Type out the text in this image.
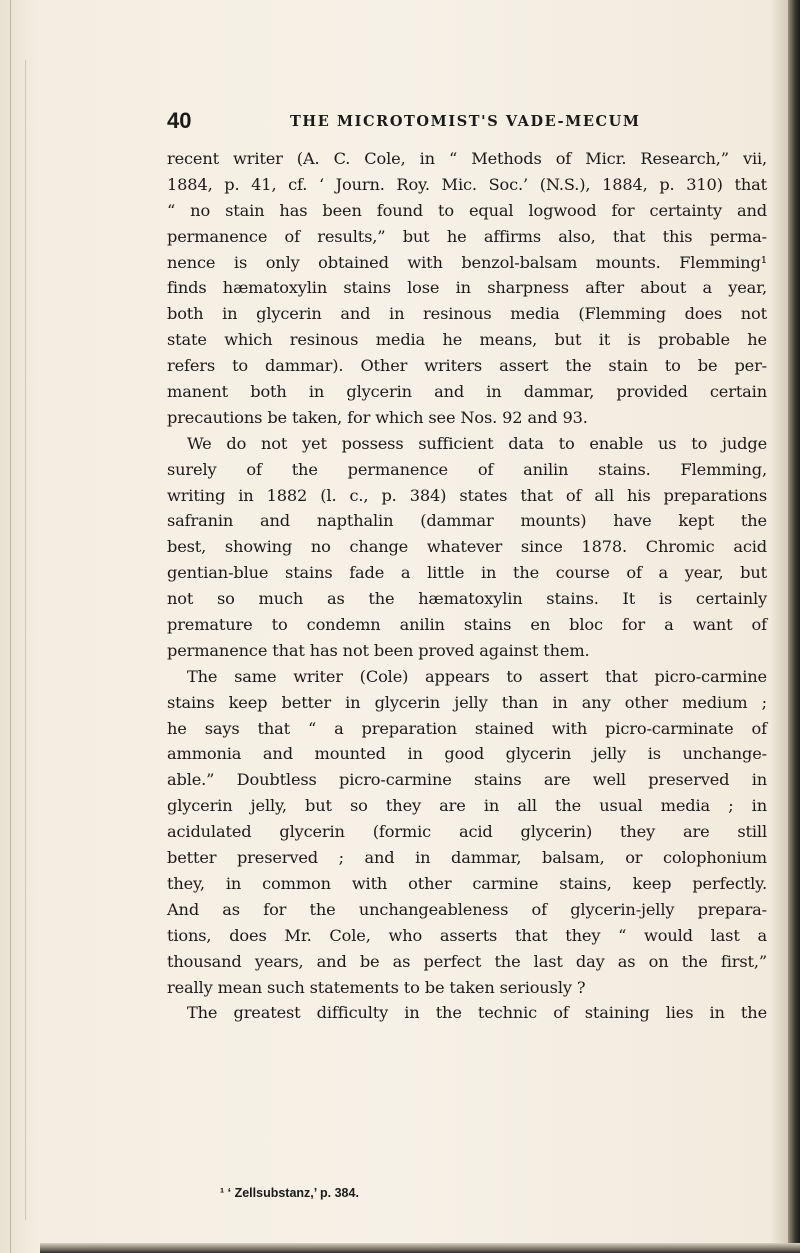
40	THE MICROTOMIST'S VADE-MECUM
recent writer (A. C. Cole, in “ Methods of Micr. Research,” vii,
1884, p. 41, cf. ‘ Journ. Roy. Mic. Soc.’ (N.S.), 1884, p. 310) that
“ no stain has been found to equal logwood for certainty and
permanence of results,” but he affirms also, that this perma-
nence is only obtained with benzol-balsam mounts. Flemming¹
finds hæmatoxylin stains lose in sharpness after about a year,
both in glycerin and in resinous media (Flemming does not
state which resinous media he means, but it is probable he
refers to dammar). Other writers assert the stain to be per-
manent both in glycerin and in dammar, provided certain
precautions be taken, for which see Nos. 92 and 93.
We do not yet possess sufficient data to enable us to judge
surely of the permanence of anilin stains. Flemming,
writing in 1882 (l. c., p. 384) states that of all his preparations
safranin and napthalin (dammar mounts) have kept the
best, showing no change whatever since 1878. Chromic acid
gentian-blue stains fade a little in the course of a year, but
not so much as the hæmatoxylin stains. It is certainly
premature to condemn anilin stains en bloc for a want of
permanence that has not been proved against them.
The same writer (Cole) appears to assert that picro-carmine
stains keep better in glycerin jelly than in any other medium ;
he says that “ a preparation stained with picro-carminate of
ammonia and mounted in good glycerin jelly is unchange-
able.” Doubtless picro-carmine stains are well preserved in
glycerin jelly, but so they are in all the usual media ; in
acidulated glycerin (formic acid glycerin) they are still
better preserved ; and in dammar, balsam, or colophonium
they, in common with other carmine stains, keep perfectly.
And as for the unchangeableness of glycerin-jelly prepara-
tions, does Mr. Cole, who asserts that they “ would last a
thousand years, and be as perfect the last day as on the first,”
really mean such statements to be taken seriously ?
The greatest difficulty in the technic of staining lies in the
¹ ‘ Zellsubstanz,’ p. 384.
